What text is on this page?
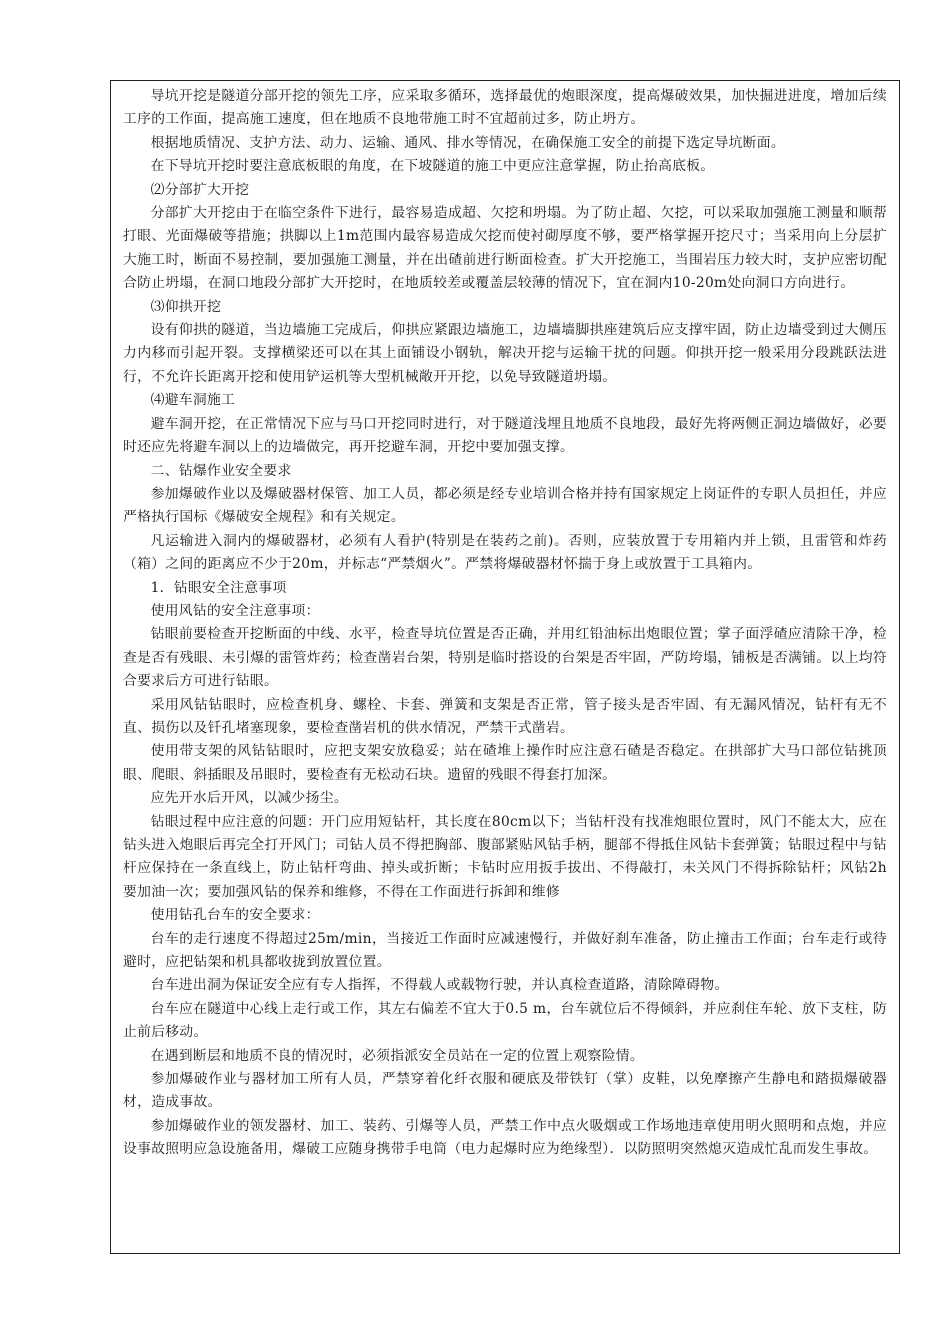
导坑开挖是隧道分部开挖的领先工序，应采取多循环，选择最优的炮眼深度，提高爆破效果，加快掘进进度，增加后续工序的工作面，提高施工速度，但在地质不良地带施工时不宜超前过多，防止坍方。

根据地质情况、支护方法、动力、运输、通风、排水等情况，在确保施工安全的前提下选定导坑断面。

在下导坑开挖时要注意底板眼的角度，在下坡隧道的施工中更应注意掌握，防止抬高底板。

⑵分部扩大开挖

分部扩大开挖由于在临空条件下进行，最容易造成超、欠挖和坍塌。为了防止超、欠挖，可以采取加强施工测量和顺帮打眼、光面爆破等措施；拱脚以上1m范围内最容易造成欠挖而使衬砌厚度不够，要严格掌握开挖尺寸；当采用向上分层扩大施工时，断面不易控制，要加强施工测量，并在出碴前进行断面检查。扩大开挖施工，当围岩压力较大时，支护应密切配合防止坍塌，在洞口地段分部扩大开挖时，在地质较差或覆盖层较薄的情况下，宜在洞内10-20m处向洞口方向进行。

⑶仰拱开挖

设有仰拱的隧道，当边墙施工完成后，仰拱应紧跟边墙施工，边墙墙脚拱座建筑后应支撑牢固，防止边墙受到过大侧压力内移而引起开裂。支撑横梁还可以在其上面铺设小钢轨，解决开挖与运输干扰的问题。仰拱开挖一般采用分段跳跃法进行，不允许长距离开挖和使用铲运机等大型机械敞开开挖，以免导致隧道坍塌。

⑷避车洞施工

避车洞开挖，在正常情况下应与马口开挖同时进行，对于隧道浅埋且地质不良地段，最好先将两侧正洞边墙做好，必要时还应先将避车洞以上的边墙做完，再开挖避车洞，开挖中要加强支撑。

二、钻爆作业安全要求

参加爆破作业以及爆破器材保管、加工人员，都必须是经专业培训合格并持有国家规定上岗证件的专职人员担任，并应严格执行国标《爆破安全规程》和有关规定。

凡运输进入洞内的爆破器材，必须有人看护(特别是在装药之前)。否则，应装放置于专用箱内并上锁，且雷管和炸药（箱）之间的距离应不少于20m，并标志“严禁烟火”。严禁将爆破器材怀揣于身上或放置于工具箱内。

1．钻眼安全注意事项

使用风钻的安全注意事项：

钻眼前要检查开挖断面的中线、水平，检查导坑位置是否正确，并用红铅油标出炮眼位置；掌子面浮碴应清除干净，检查是否有残眼、未引爆的雷管炸药；检查凿岩台架，特别是临时搭设的台架是否牢固，严防垮塌，铺板是否满铺。以上均符合要求后方可进行钻眼。

采用风钻钻眼时，应检查机身、螺栓、卡套、弹簧和支架是否正常，管子接头是否牢固、有无漏风情况，钻杆有无不直、损伤以及钎孔堵塞现象，要检查凿岩机的供水情况，严禁干式凿岩。

使用带支架的风钻钻眼时，应把支架安放稳妥；站在碴堆上操作时应注意石碴是否稳定。在拱部扩大马口部位钻挑顶眼、爬眼、斜插眼及吊眼时，要检查有无松动石块。遗留的残眼不得套打加深。

应先开水后开风，以减少扬尘。

钻眼过程中应注意的问题：开门应用短钻杆，其长度在80cm以下；当钻杆没有找准炮眼位置时，风门不能太大，应在钻头进入炮眼后再完全打开风门；司钻人员不得把胸部、腹部紧贴风钻手柄，腿部不得抵住风钻卡套弹簧；钻眼过程中与钻杆应保持在一条直线上，防止钻杆弯曲、掉头或折断；卡钻时应用扳手拔出、不得敲打，未关风门不得拆除钻杆；风钻2h要加油一次；要加强风钻的保养和维修，不得在工作面进行拆卸和维修

使用钻孔台车的安全要求：

台车的走行速度不得超过25m/min，当接近工作面时应减速慢行，并做好刹车准备，防止撞击工作面；台车走行或待避时，应把钻架和机具都收拢到放置位置。

台车进出洞为保证安全应有专人指挥，不得载人或载物行驶，并认真检查道路，清除障碍物。

台车应在隧道中心线上走行或工作，其左右偏差不宜大于0.5 m，台车就位后不得倾斜，并应刹住车轮、放下支柱，防止前后移动。

在遇到断层和地质不良的情况时，必须指派安全员站在一定的位置上观察险情。

参加爆破作业与器材加工所有人员，严禁穿着化纤衣服和硬底及带铁钉（掌）皮鞋，以免摩擦产生静电和踏损爆破器材，造成事故。

参加爆破作业的领发器材、加工、装药、引爆等人员，严禁工作中点火吸烟或工作场地违章使用明火照明和点炮，并应设事故照明应急设施备用，爆破工应随身携带手电筒（电力起爆时应为绝缘型）．以防照明突然熄灭造成忙乱而发生事故。
